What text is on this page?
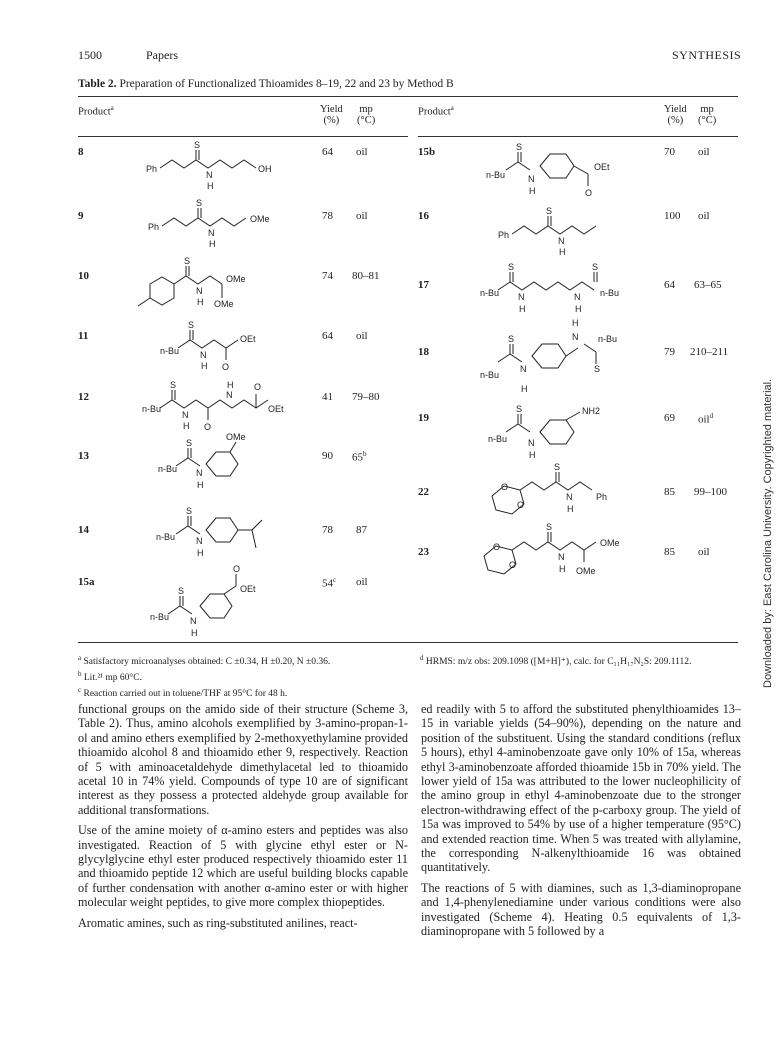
1500	Papers	SYNTHESIS
Table 2. Preparation of Functionalized Thioamides 8–19, 22 and 23 by Method B
Product$^a$	Yield
(%)
mp
(°C)
Product$^a$	Yield
(%)
mp
(°C)
8	64 oil
9	78 oil
10	74 80–81
11	64 oil
12	41 79–80
13	90 65$^b$
14	78 87
15a	54$^c$ oil
15b	70 oil
16	100 oil
17	64 63–65
18	79 210–211
19	69 oil$^d$
22	85 99–100
23	85 oil
S
Ph
N
H
OH
S
Ph
N
H
OMe
S
N
H
OMe
OMe
S
n-Bu N
H O
OEt
S
n-Bu
N
H O
H
N
O
OEt
S
n-Bu N
H
OMe
S
n-Bu N
H
S
n-Bu N
H
O
OEt
S
n-Bu	N
H	O
OEt
S
Ph
N
H
S	S
n-Bu N
H
N
H
n-Bu
S
n-Bu
N
H
H
N
S
n-Bu
S
n-Bu N
H
NH2
O
O
S
N
H
Ph
O
O
S
N
H
OMe
OMe
$^a$ Satisfactory microanalyses obtained: C ±0.34, H ±0.20, N ±0.36.
$^b$ Lit.²¹ mp 60°C.
$^c$ Reaction carried out in toluene/THF at 95°C for 48 h.
$^d$ HRMS: m/z obs: 209.1098 ([M+H]⁺), calc. for C₁₁H₁₇N₂S: 209.1112.

functional groups on the amido side of their structure (Scheme 3, Table 2). Thus, amino alcohols exemplified by 3-amino-propan-1-ol and amino ethers exemplified by 2-methoxyethylamine provided thioamido alcohol 8 and thioamido ether 9, respectively. Reaction of 5 with aminoacetaldehyde dimethylacetal led to thioamido acetal 10 in 74% yield. Compounds of type 10 are of significant interest as they possess a protected aldehyde group available for additional transformations.

Use of the amine moiety of α-amino esters and peptides was also investigated. Reaction of 5 with glycine ethyl ester or N-glycylglycine ethyl ester produced respectively thioamido ester 11 and thioamido peptide 12 which are useful building blocks capable of further condensation with another α-amino ester or with higher molecular weight peptides, to give more complex thiopeptides.

Aromatic amines, such as ring-substituted anilines, react-

ed readily with 5 to afford the substituted phenylthioamides 13–15 in variable yields (54–90%), depending on the nature and position of the substituent. Using the standard conditions (reflux 5 hours), ethyl 4-aminobenzoate gave only 10% of 15a, whereas ethyl 3-aminobenzoate afforded thioamide 15b in 70% yield. The lower yield of 15a was attributed to the lower nucleophilicity of the amino group in ethyl 4-aminobenzoate due to the stronger electron-withdrawing effect of the p-carboxy group. The yield of 15a was improved to 54% by use of a higher temperature (95°C) and extended reaction time. When 5 was treated with allylamine, the corresponding N-alkenylthioamide 16 was obtained quantitatively.

The reactions of 5 with diamines, such as 1,3-diaminopropane and 1,4-phenylenediamine under various conditions were also investigated (Scheme 4). Heating 0.5 equivalents of 1,3-diaminopropane with 5 followed by a

Downloaded by: East Carolina University. Copyrighted material.
